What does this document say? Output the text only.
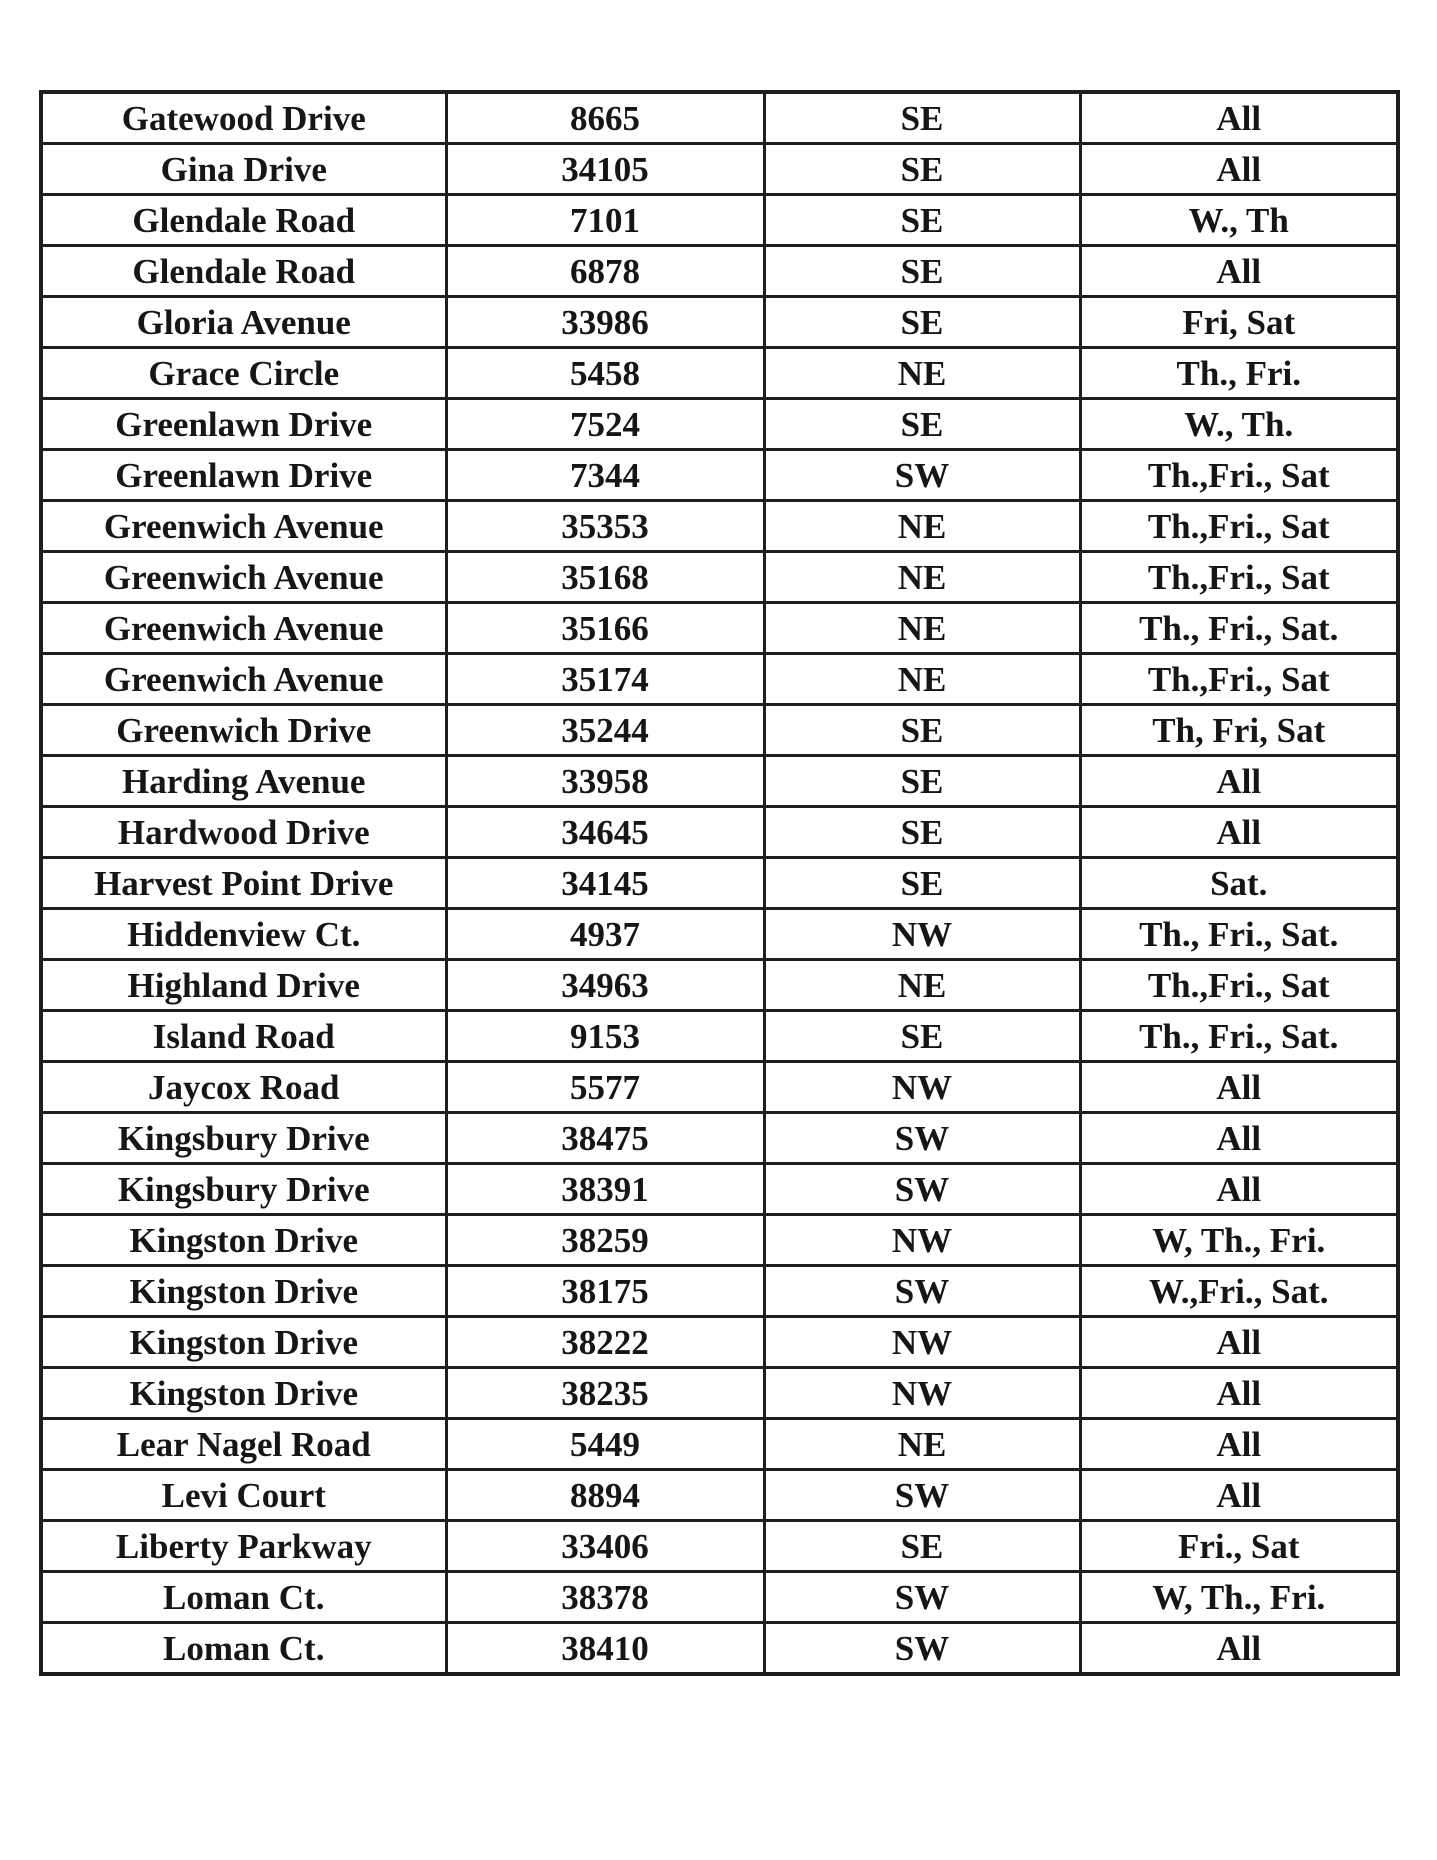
Gatewood Drive	8665	SE	All
Gina Drive	34105	SE	All
Glendale Road	7101	SE	W., Th
Glendale Road	6878	SE	All
Gloria Avenue	33986	SE	Fri, Sat
Grace Circle	5458	NE	Th., Fri.
Greenlawn Drive	7524	SE	W., Th.
Greenlawn Drive	7344	SW	Th.,Fri., Sat
Greenwich Avenue	35353	NE	Th.,Fri., Sat
Greenwich Avenue	35168	NE	Th.,Fri., Sat
Greenwich Avenue	35166	NE	Th., Fri., Sat.
Greenwich Avenue	35174	NE	Th.,Fri., Sat
Greenwich Drive	35244	SE	Th, Fri, Sat
Harding Avenue	33958	SE	All
Hardwood Drive	34645	SE	All
Harvest Point Drive	34145	SE	Sat.
Hiddenview Ct.	4937	NW	Th., Fri., Sat.
Highland Drive	34963	NE	Th.,Fri., Sat
Island Road	9153	SE	Th., Fri., Sat.
Jaycox Road	5577	NW	All
Kingsbury Drive	38475	SW	All
Kingsbury Drive	38391	SW	All
Kingston Drive	38259	NW	W, Th., Fri.
Kingston Drive	38175	SW	W.,Fri., Sat.
Kingston Drive	38222	NW	All
Kingston Drive	38235	NW	All
Lear Nagel Road	5449	NE	All
Levi Court	8894	SW	All
Liberty Parkway	33406	SE	Fri., Sat
Loman Ct.	38378	SW	W, Th., Fri.
Loman Ct.	38410	SW	All
